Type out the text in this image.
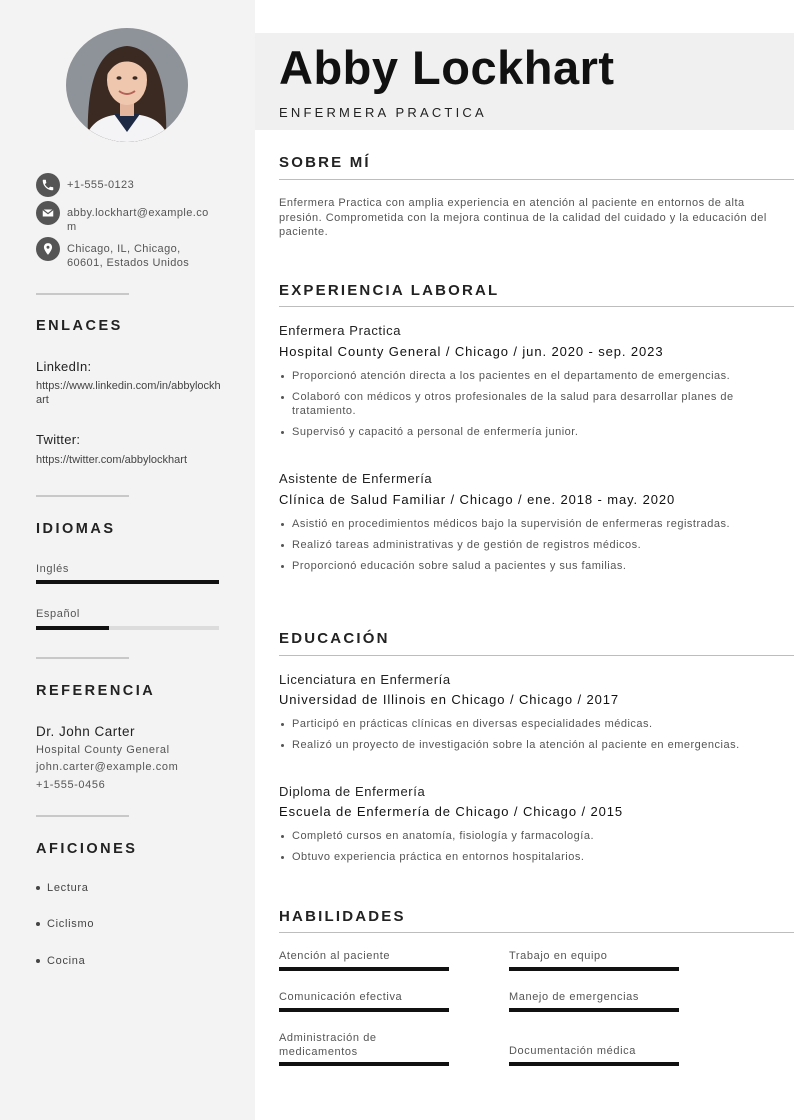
+1-555-0123
abby.lockhart@example.com
Chicago, IL, Chicago, 60601, Estados Unidos
ENLACES
LinkedIn:
https://www.linkedin.com/in/abbylockhart
Twitter:
https://twitter.com/abbylockhart
IDIOMAS
Inglés
Español
REFERENCIA
Dr. John Carter
Hospital County General
john.carter@example.com
+1-555-0456
AFICIONES
Lectura
Ciclismo
Cocina
Abby Lockhart
ENFERMERA PRACTICA
SOBRE MÍ
Enfermera Practica con amplia experiencia en atención al paciente en entornos de alta presión. Comprometida con la mejora continua de la calidad del cuidado y la educación del paciente.
EXPERIENCIA LABORAL
Enfermera Practica
Hospital County General / Chicago / jun. 2020 - sep. 2023
Proporcionó atención directa a los pacientes en el departamento de emergencias.
Colaboró con médicos y otros profesionales de la salud para desarrollar planes de tratamiento.
Supervisó y capacitó a personal de enfermería junior.
Asistente de Enfermería
Clínica de Salud Familiar / Chicago / ene. 2018 - may. 2020
Asistió en procedimientos médicos bajo la supervisión de enfermeras registradas.
Realizó tareas administrativas y de gestión de registros médicos.
Proporcionó educación sobre salud a pacientes y sus familias.
EDUCACIÓN
Licenciatura en Enfermería
Universidad de Illinois en Chicago / Chicago / 2017
Participó en prácticas clínicas en diversas especialidades médicas.
Realizó un proyecto de investigación sobre la atención al paciente en emergencias.
Diploma de Enfermería
Escuela de Enfermería de Chicago / Chicago / 2015
Completó cursos en anatomía, fisiología y farmacología.
Obtuvo experiencia práctica en entornos hospitalarios.
HABILIDADES
Atención al paciente	Trabajo en equipo
Comunicación efectiva	Manejo de emergencias
Administración de medicamentos	Documentación médica
